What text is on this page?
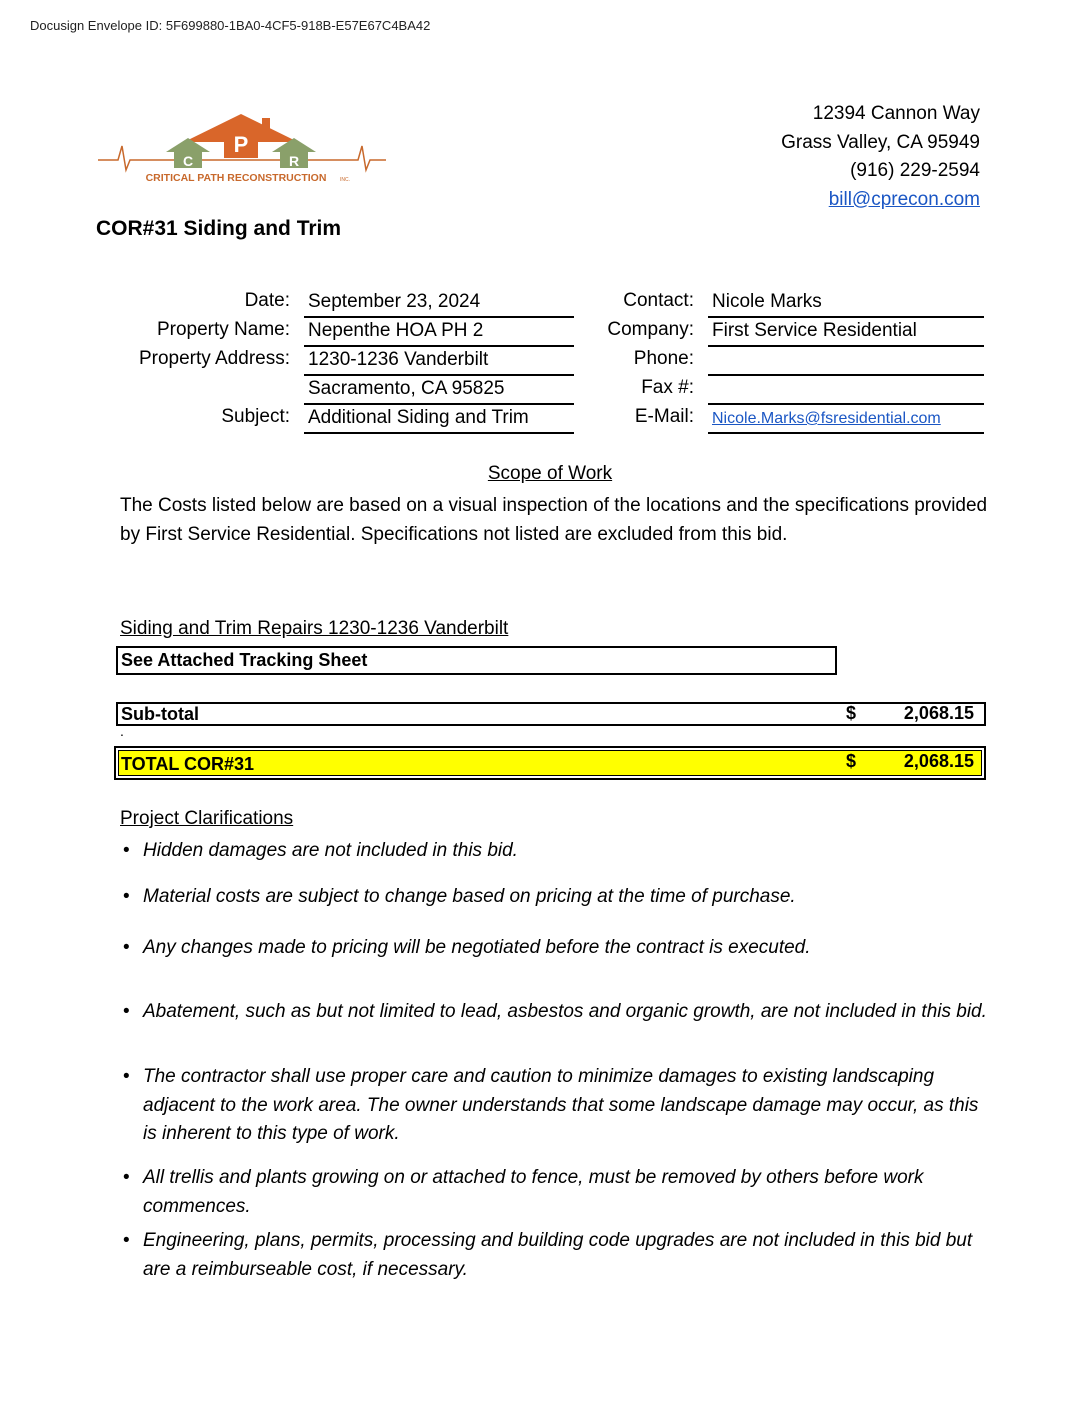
Docusign Envelope ID: 5F699880-1BA0-4CF5-918B-E57E67C4BA42
P
C	R
CRITICAL PATH RECONSTRUCTION	INC.
12394 Cannon Way
Grass Valley, CA 95949
(916) 229-2594
bill@cprecon.com
COR#31 Siding and Trim
Date: September 23, 2024
Property Name: Nepenthe HOA PH 2
Property Address: 1230-1236 Vanderbilt
Sacramento, CA 95825
Subject: Additional Siding and Trim
Contact: Nicole Marks
Company: First Service Residential
Phone:
Fax #:
E-Mail: Nicole.Marks@fsresidential.com
Scope of Work
The Costs listed below are based on a visual inspection of the locations and the specifications provided by First Service Residential. Specifications not listed are excluded from this bid.
Siding and Trim Repairs 1230-1236 Vanderbilt
See Attached Tracking Sheet
Sub-total	$	2,068.15
.
TOTAL COR#31	$	2,068.15
Project Clarifications
• Hidden damages are not included in this bid.
• Material costs are subject to change based on pricing at the time of purchase.
• Any changes made to pricing will be negotiated before the contract is executed.
• Abatement, such as but not limited to lead, asbestos and organic growth, are not included in this bid.
• The contractor shall use proper care and caution to minimize damages to existing landscaping adjacent to the work area. The owner understands that some landscape damage may occur, as this is inherent to this type of work.
• All trellis and plants growing on or attached to fence, must be removed by others before work commences.
• Engineering, plans, permits, processing and building code upgrades are not included in this bid but are a reimburseable cost, if necessary.
